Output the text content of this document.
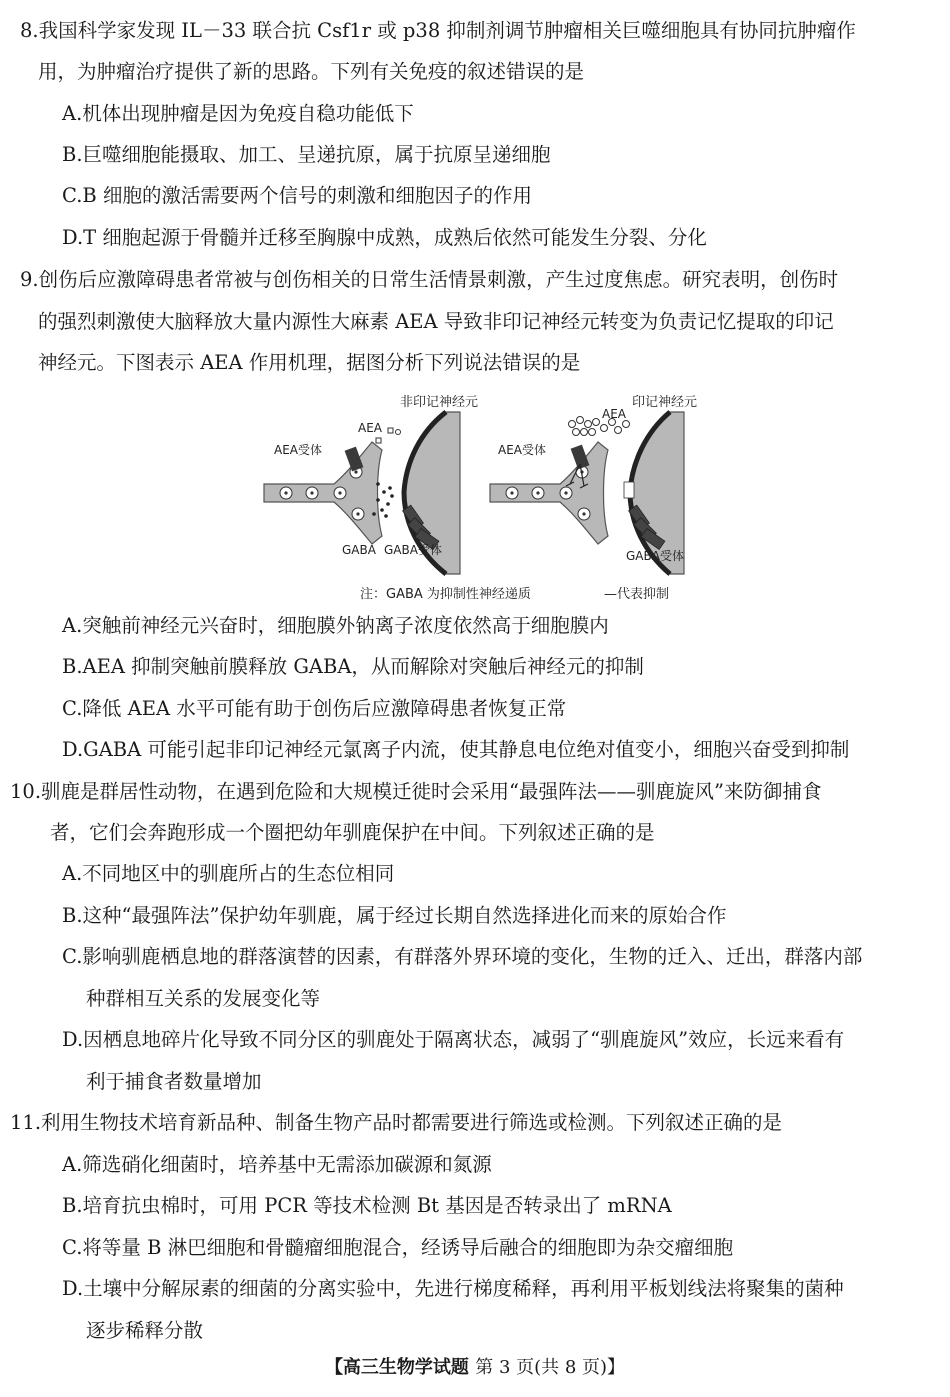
8.我国科学家发现 IL－33 联合抗 Csf1r 或 p38 抑制剂调节肿瘤相关巨噬细胞具有协同抗肿瘤作
用，为肿瘤治疗提供了新的思路。下列有关免疫的叙述错误的是
A.机体出现肿瘤是因为免疫自稳功能低下
B.巨噬细胞能摄取、加工、呈递抗原，属于抗原呈递细胞
C.B 细胞的激活需要两个信号的刺激和细胞因子的作用
D.T 细胞起源于骨髓并迁移至胸腺中成熟，成熟后依然可能发生分裂、分化
9.创伤后应激障碍患者常被与创伤相关的日常生活情景刺激，产生过度焦虑。研究表明，创伤时
的强烈刺激使大脑释放大量内源性大麻素 AEA 导致非印记神经元转变为负责记忆提取的印记
神经元。下图表示 AEA 作用机理，据图分析下列说法错误的是
非印记神经元
AEA受体
AEA
GABA GABA受体
印记神经元
AEA受体
AEA
GABA受体
注：GABA 为抑制性神经递质	—代表抑制
A.突触前神经元兴奋时，细胞膜外钠离子浓度依然高于细胞膜内
B.AEA 抑制突触前膜释放 GABA，从而解除对突触后神经元的抑制
C.降低 AEA 水平可能有助于创伤后应激障碍患者恢复正常
D.GABA 可能引起非印记神经元氯离子内流，使其静息电位绝对值变小，细胞兴奋受到抑制
10.驯鹿是群居性动物，在遇到危险和大规模迁徙时会采用“最强阵法——驯鹿旋风”来防御捕食
者，它们会奔跑形成一个圈把幼年驯鹿保护在中间。下列叙述正确的是
A.不同地区中的驯鹿所占的生态位相同
B.这种“最强阵法”保护幼年驯鹿，属于经过长期自然选择进化而来的原始合作
C.影响驯鹿栖息地的群落演替的因素，有群落外界环境的变化，生物的迁入、迁出，群落内部
种群相互关系的发展变化等
D.因栖息地碎片化导致不同分区的驯鹿处于隔离状态，减弱了“驯鹿旋风”效应，长远来看有
利于捕食者数量增加
11.利用生物技术培育新品种、制备生物产品时都需要进行筛选或检测。下列叙述正确的是
A.筛选硝化细菌时，培养基中无需添加碳源和氮源
B.培育抗虫棉时，可用 PCR 等技术检测 Bt 基因是否转录出了 mRNA
C.将等量 B 淋巴细胞和骨髓瘤细胞混合，经诱导后融合的细胞即为杂交瘤细胞
D.土壤中分解尿素的细菌的分离实验中，先进行梯度稀释，再利用平板划线法将聚集的菌种
逐步稀释分散
【高三生物学试题 第 3 页(共 8 页)】
